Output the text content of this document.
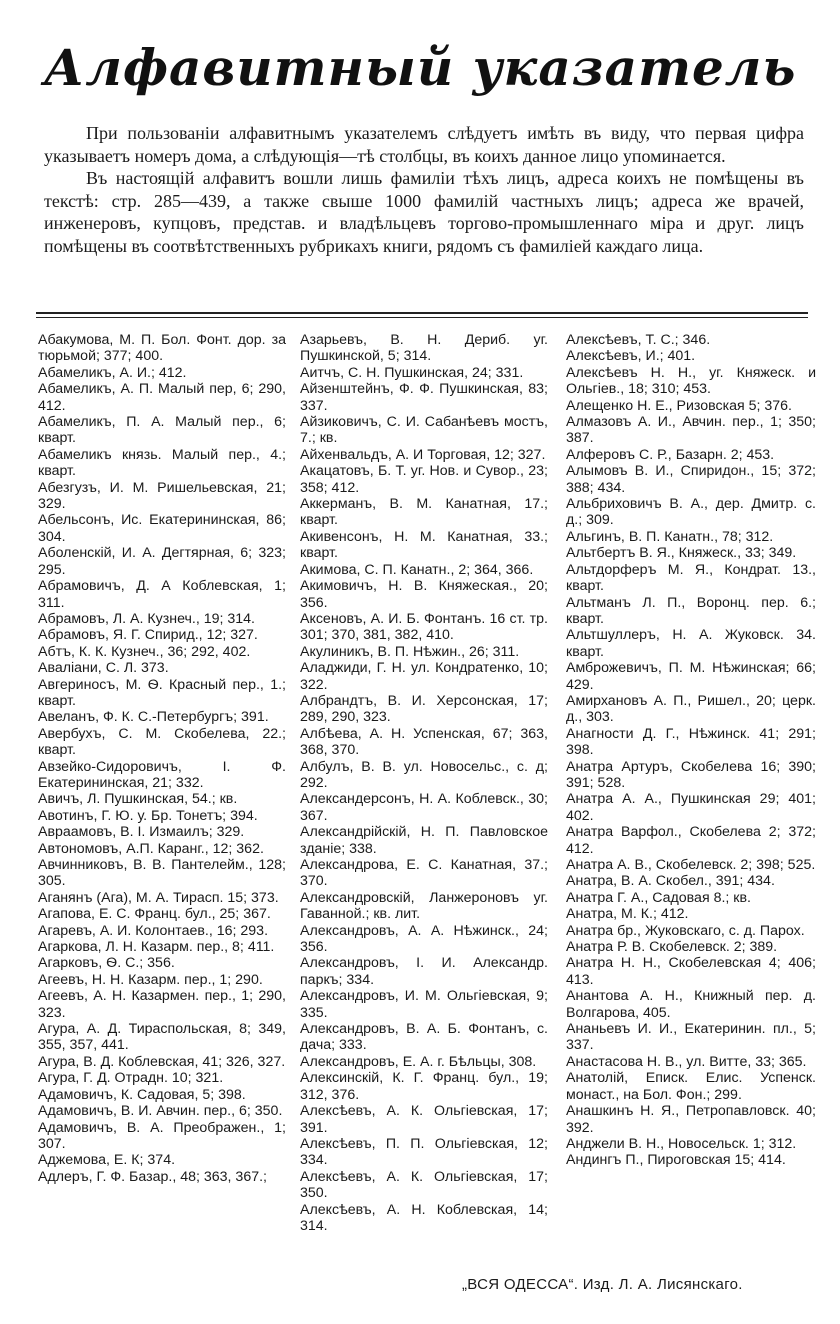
Алфавитный указатель

При пользованіи алфавитнымъ указателемъ слѣдуетъ имѣть въ виду, что первая цифра указываетъ номеръ дома, а слѣдующія—тѣ столбцы, въ коихъ данное лицо упоминается.

Въ настоящій алфавитъ вошли лишь фамиліи тѣхъ лицъ, адреса коихъ не помѣщены въ текстѣ: стр. 285—439, а также свыше 1000 фамилій частныхъ лицъ; адреса же врачей, инженеровъ, купцовъ, представ. и владѣльцевъ торгово-промышленнаго міра и друг. лицъ помѣщены въ соотвѣтственныхъ рубрикахъ книги, рядомъ съ фамиліей каждаго лица.

Абакумова, М. П. Бол. Фонт. дор. за тюрьмой; 377; 400.
Абамеликъ, А. И.; 412.
Абамеликъ, А. П. Малый пер, 6; 290, 412.
Абамеликъ, П. А. Малый пер., 6; кварт.
Абамеликъ князь. Малый пер., 4.; кварт.
Абезгузъ, И. М. Ришельевская, 21; 329.
Абельсонъ, Ис. Екатерининская, 86; 304.
Аболенскій, И. А. Дегтярная, 6; 323; 295.
Абрамовичъ, Д. А Коблевская, 1; 311.
Абрамовъ, Л. А. Кузнеч., 19; 314.
Абрамовъ, Я. Г. Спирид., 12; 327.
Абтъ, К. К. Кузнеч., 36; 292, 402.
Аваліани, С. Л. 373.
Авгериносъ, М. Ѳ. Красный пер., 1.; кварт.
Авеланъ, Ф. К. С.-Петербургъ; 391.
Авербухъ, С. М. Скобелева, 22.; кварт.
Авзейко-Сидоровичъ, І. Ф. Екатерининская, 21; 332.
Авичъ, Л. Пушкинская, 54.; кв.
Авотинъ, Г. Ю. у. Бр. Тонетъ; 394.
Авраамовъ, В. І. Измаилъ; 329.
Автономовъ, А.П. Каранг., 12; 362.
Авчинниковъ, В. В. Пантелейм., 128; 305.
Аганянъ (Ага), М. А. Тирасп. 15; 373.
Агапова, Е. С. Франц. бул., 25; 367.
Агаревъ, А. И. Колонтаев., 16; 293.
Агаркова, Л. Н. Казарм. пер., 8; 411.
Агарковъ, Ѳ. С.; 356.
Агеевъ, Н. Н. Казарм. пер., 1; 290.
Агеевъ, А. Н. Казармен. пер., 1; 290, 323.
Агура, А. Д. Тираспольская, 8; 349, 355, 357, 441.
Агура, В. Д. Коблевская, 41; 326, 327.
Агура, Г. Д. Отрадн. 10; 321.
Адамовичъ, К. Садовая, 5; 398.
Адамовичъ, В. И. Авчин. пер., 6; 350.
Адамовичъ, В. А. Преображен., 1; 307.
Аджемова, Е. К; 374.
Адлеръ, Г. Ф. Базар., 48; 363, 367.;
Азарьевъ, В. Н. Дериб. уг. Пушкинской, 5; 314.
Аитчъ, С. Н. Пушкинская, 24; 331.
Айзенштейнъ, Ф. Ф. Пушкинская, 83; 337.
Айзиковичъ, С. И. Сабанѣевъ мостъ, 7.; кв.
Айхенвальдъ, А. И Торговая, 12; 327.
Акацатовъ, Б. Т. уг. Нов. и Сувор., 23; 358; 412.
Аккерманъ, В. М. Канатная, 17.; кварт.
Акивенсонъ, Н. М. Канатная, 33.; кварт.
Акимова, С. П. Канатн., 2; 364, 366.
Акимовичъ, Н. В. Княжеская., 20; 356.
Аксеновъ, А. И. Б. Фонтанъ. 16 ст. тр. 301; 370, 381, 382, 410.
Акулиникъ, В. П. Нѣжин., 26; 311.
Аладжиди, Г. Н. ул. Кондратенко, 10; 322.
Албрандтъ, В. И. Херсонская, 17; 289, 290, 323.
Албѣева, А. Н. Успенская, 67; 363, 368, 370.
Албулъ, В. В. ул. Новосельс., с. д; 292.
Александерсонъ, Н. А. Коблевск., 30; 367.
Александрійскій, Н. П. Павловское зданіе; 338.
Александрова, Е. С. Канатная, 37.; 370.
Александровскій, Ланжероновъ уг. Гаванной.; кв. лит.
Александровъ, А. А. Нѣжинск., 24; 356.
Александровъ, І. И. Александр. паркъ; 334.
Александровъ, И. М. Ольгіевская, 9; 335.
Александровъ, В. А. Б. Фонтанъ, с. дача; 333.
Александровъ, Е. А. г. Бѣльцы, 308.
Алексинскій, К. Г. Франц. бул., 19; 312, 376.
Алексѣевъ, А. К. Ольгіевская, 17; 391.
Алексѣевъ, П. П. Ольгіевская, 12; 334.
Алексѣевъ, А. К. Ольгіевская, 17; 350.
Алексѣевъ, А. Н. Коблевская, 14; 314.
Алексѣевъ, Т. С.; 346.
Алексѣевъ, И.; 401.
Алексѣевъ Н. Н., уг. Княжеск. и Ольгіев., 18; 310; 453.
Алещенко Н. Е., Ризовская 5; 376.
Алмазовъ А. И., Авчин. пер., 1; 350; 387.
Алферовъ С. Р., Базарн. 2; 453.
Алымовъ В. И., Спиридон., 15; 372; 388; 434.
Альбриховичъ В. А., дер. Дмитр. с. д.; 309.
Альгинъ, В. П. Канатн., 78; 312.
Альтбертъ В. Я., Княжеск., 33; 349.
Альтдорферъ М. Я., Кондрат. 13., кварт.
Альтманъ Л. П., Воронц. пер. 6.; кварт.
Альтшуллеръ, Н. А. Жуковск. 34. кварт.
Амброжевичъ, П. М. Нѣжинская; 66; 429.
Амирхановъ А. П., Ришел., 20; церк. д., 303.
Анагности Д. Г., Нѣжинск. 41; 291; 398.
Анатра Артуръ, Скобелева 16; 390; 391; 528.
Анатра А. А., Пушкинская 29; 401; 402.
Анатра Варфол., Скобелева 2; 372; 412.
Анатра А. В., Скобелевск. 2; 398; 525.
Анатра, В. А. Скобел., 391; 434.
Анатра Г. А., Садовая 8.; кв.
Анатра, М. К.; 412.
Анатра бр., Жуковскаго, с. д. Парох.
Анатра Р. В. Скобелевск. 2; 389.
Анатра Н. Н., Скобелевская 4; 406; 413.
Анантова А. Н., Книжный пер. д. Волгарова, 405.
Ананьевъ И. И., Екатеринин. пл., 5; 337.
Анастасова Н. В., ул. Витте, 33; 365.
Анатолій, Еписк. Елис. Успенск. монаст., на Бол. Фон.; 299.
Анашкинъ Н. Я., Петропавловск. 40; 392.
Анджели В. Н., Новосельск. 1; 312.
Андингъ П., Пироговская 15; 414.
„ВСЯ ОДЕССА“. Изд. Л. А. Лисянскаго.
